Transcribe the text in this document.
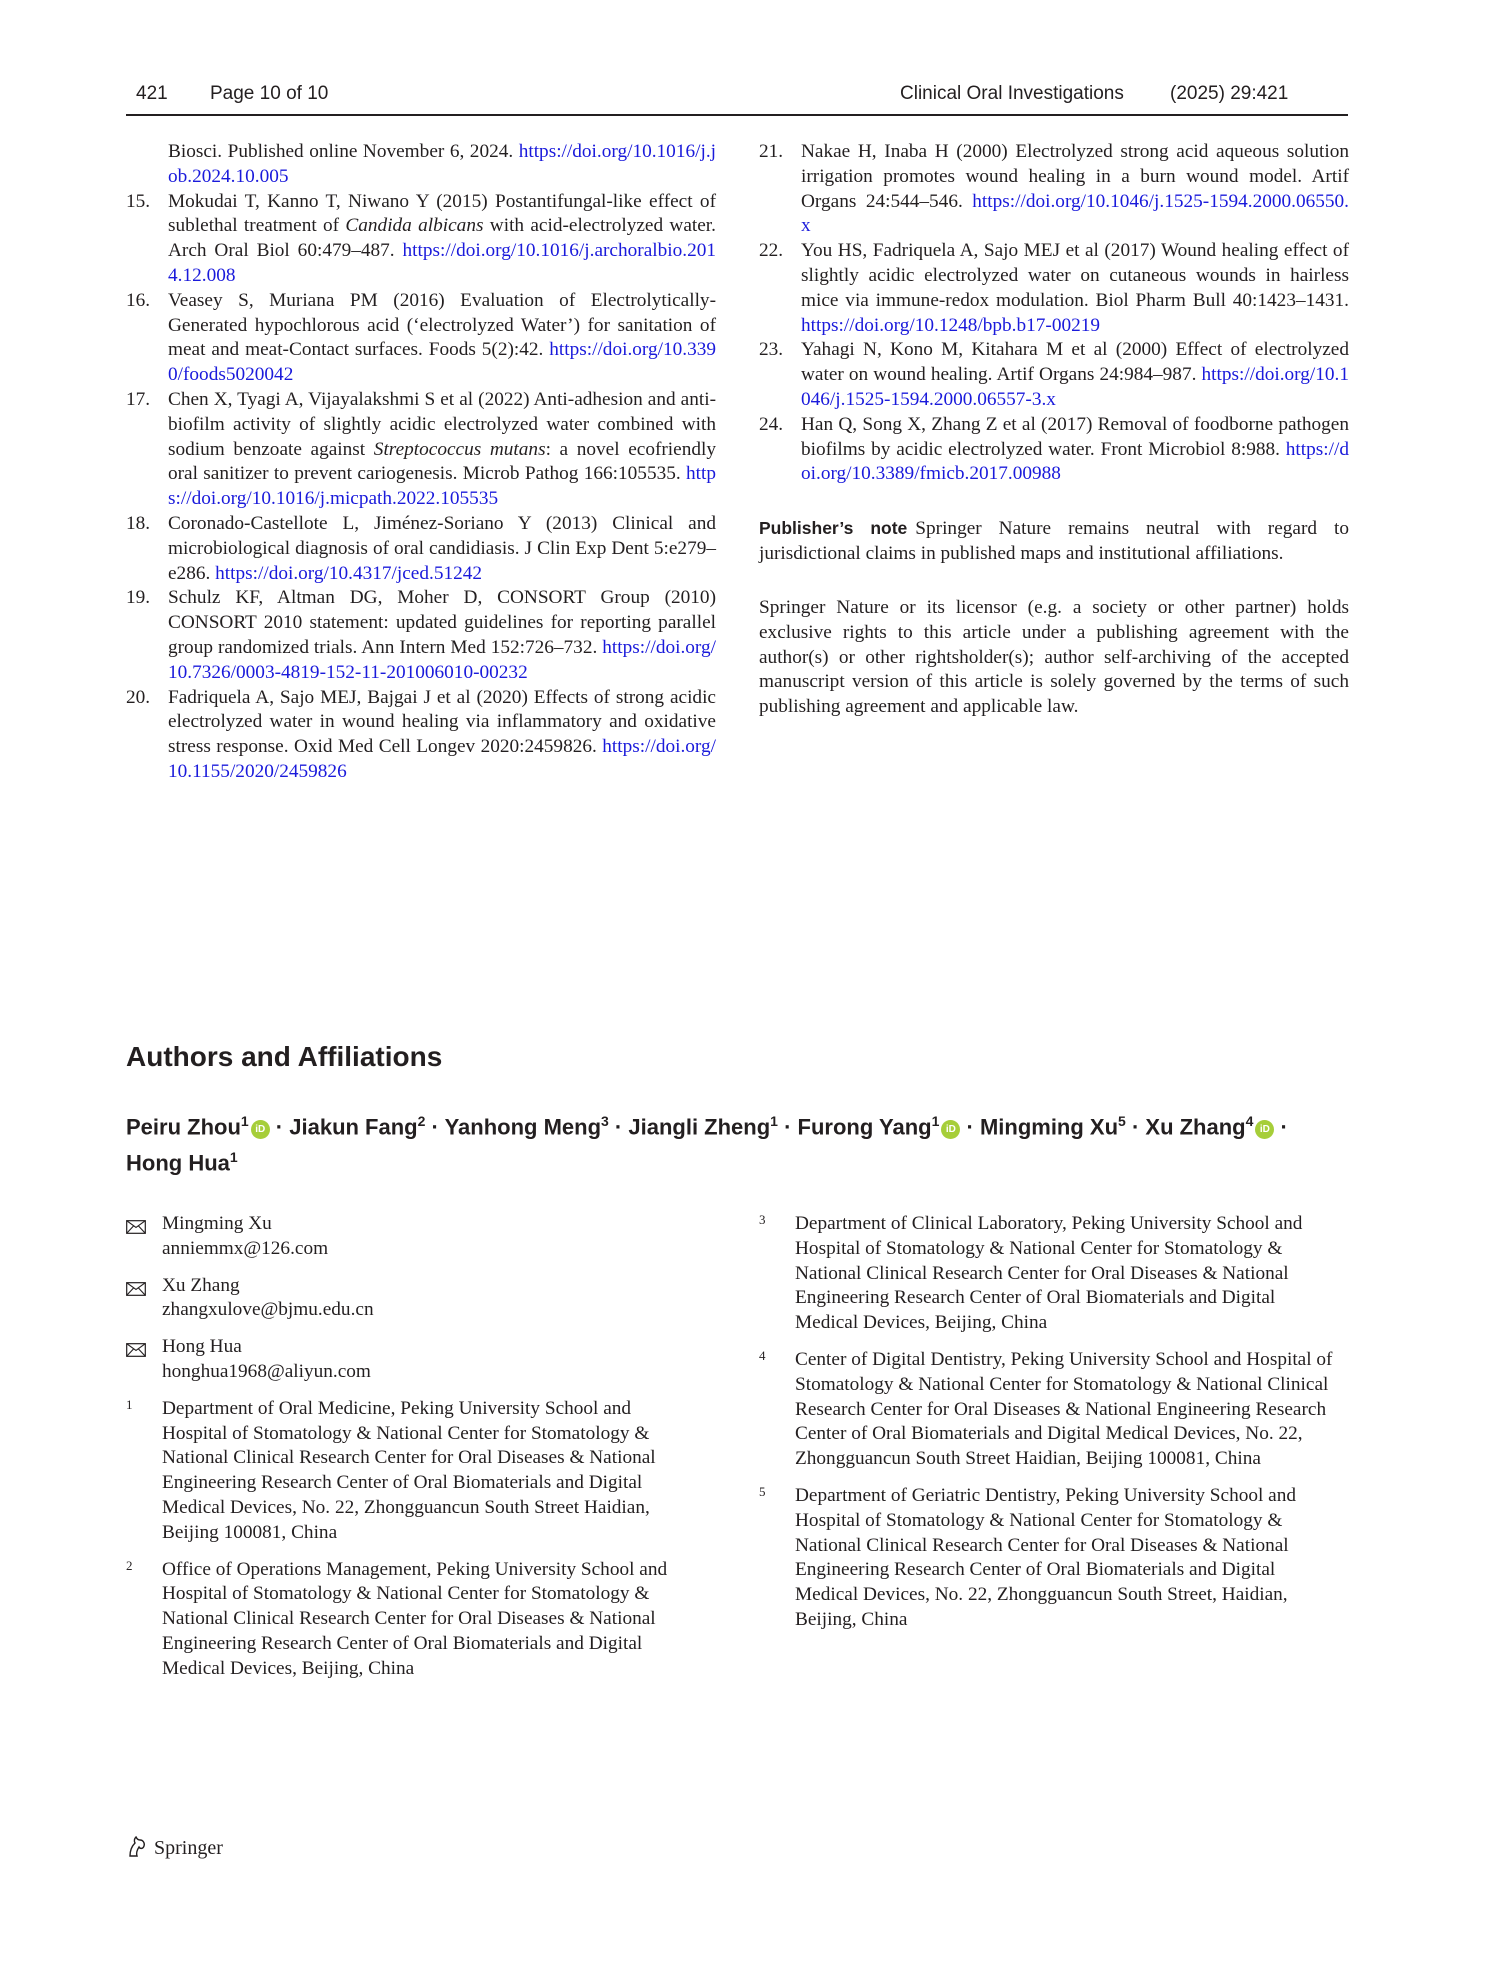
421 Page 10 of 10	Clinical Oral Investigations (2025) 29:421
Biosci. Published online November 6, 2024. https://doi.org/10.1016/j.job.2024.10.005
15. Mokudai T, Kanno T, Niwano Y (2015) Postantifungal-like effect of sublethal treatment of Candida albicans with acid-electrolyzed water. Arch Oral Biol 60:479–487. https://doi.org/10.1016/j.archoralbio.2014.12.008
16. Veasey S, Muriana PM (2016) Evaluation of Electrolytically-Generated hypochlorous acid (‘electrolyzed Water’) for sanitation of meat and meat-Contact surfaces. Foods 5(2):42. https://doi.org/10.3390/foods5020042
17. Chen X, Tyagi A, Vijayalakshmi S et al (2022) Anti-adhesion and anti-biofilm activity of slightly acidic electrolyzed water combined with sodium benzoate against Streptococcus mutans: a novel ecofriendly oral sanitizer to prevent cariogenesis. Microb Pathog 166:105535. https://doi.org/10.1016/j.micpath.2022.105535
18. Coronado-Castellote L, Jiménez-Soriano Y (2013) Clinical and microbiological diagnosis of oral candidiasis. J Clin Exp Dent 5:e279–e286. https://doi.org/10.4317/jced.51242
19. Schulz KF, Altman DG, Moher D, CONSORT Group (2010) CONSORT 2010 statement: updated guidelines for reporting parallel group randomized trials. Ann Intern Med 152:726–732. https://doi.org/10.7326/0003-4819-152-11-201006010-00232
20. Fadriquela A, Sajo MEJ, Bajgai J et al (2020) Effects of strong acidic electrolyzed water in wound healing via inflammatory and oxidative stress response. Oxid Med Cell Longev 2020:2459826. https://doi.org/10.1155/2020/2459826
21. Nakae H, Inaba H (2000) Electrolyzed strong acid aqueous solution irrigation promotes wound healing in a burn wound model. Artif Organs 24:544–546. https://doi.org/10.1046/j.1525-1594.2000.06550.x
22. You HS, Fadriquela A, Sajo MEJ et al (2017) Wound healing effect of slightly acidic electrolyzed water on cutaneous wounds in hairless mice via immune-redox modulation. Biol Pharm Bull 40:1423–1431. https://doi.org/10.1248/bpb.b17-00219
23. Yahagi N, Kono M, Kitahara M et al (2000) Effect of electrolyzed water on wound healing. Artif Organs 24:984–987. https://doi.org/10.1046/j.1525-1594.2000.06557-3.x
24. Han Q, Song X, Zhang Z et al (2017) Removal of foodborne pathogen biofilms by acidic electrolyzed water. Front Microbiol 8:988. https://doi.org/10.3389/fmicb.2017.00988
Publisher’s note Springer Nature remains neutral with regard to jurisdictional claims in published maps and institutional affiliations.
Springer Nature or its licensor (e.g. a society or other partner) holds exclusive rights to this article under a publishing agreement with the author(s) or other rightsholder(s); author self-archiving of the accepted manuscript version of this article is solely governed by the terms of such publishing agreement and applicable law.
Authors and Affiliations
Peiru Zhou$^1$iD · Jiakun Fang$^2$ · Yanhong Meng$^3$ · Jiangli Zheng$^1$ · Furong Yang$^1$iD · Mingming $Xu^5 \cdot Xu$ Zhang$^4$iD · Hong Hua$^1$
Mingming Xu
anniemmx@126.com
Xu Zhang
zhangxulove@bjmu.edu.cn
Hong Hua
honghua1968@aliyun.com
1 Department of Oral Medicine, Peking University School and Hospital of Stomatology & National Center for Stomatology & National Clinical Research Center for Oral Diseases & National Engineering Research Center of Oral Biomaterials and Digital Medical Devices, No. 22, Zhongguancun South Street Haidian, Beijing 100081, China
2 Office of Operations Management, Peking University School and Hospital of Stomatology & National Center for Stomatology & National Clinical Research Center for Oral Diseases & National Engineering Research Center of Oral Biomaterials and Digital Medical Devices, Beijing, China
3 Department of Clinical Laboratory, Peking University School and Hospital of Stomatology & National Center for Stomatology & National Clinical Research Center for Oral Diseases & National Engineering Research Center of Oral Biomaterials and Digital Medical Devices, Beijing, China
4 Center of Digital Dentistry, Peking University School and Hospital of Stomatology & National Center for Stomatology & National Clinical Research Center for Oral Diseases & National Engineering Research Center of Oral Biomaterials and Digital Medical Devices, No. 22, Zhongguancun South Street Haidian, Beijing 100081, China
5 Department of Geriatric Dentistry, Peking University School and Hospital of Stomatology & National Center for Stomatology & National Clinical Research Center for Oral Diseases & National Engineering Research Center of Oral Biomaterials and Digital Medical Devices, No. 22, Zhongguancun South Street, Haidian, Beijing, China
Springer
